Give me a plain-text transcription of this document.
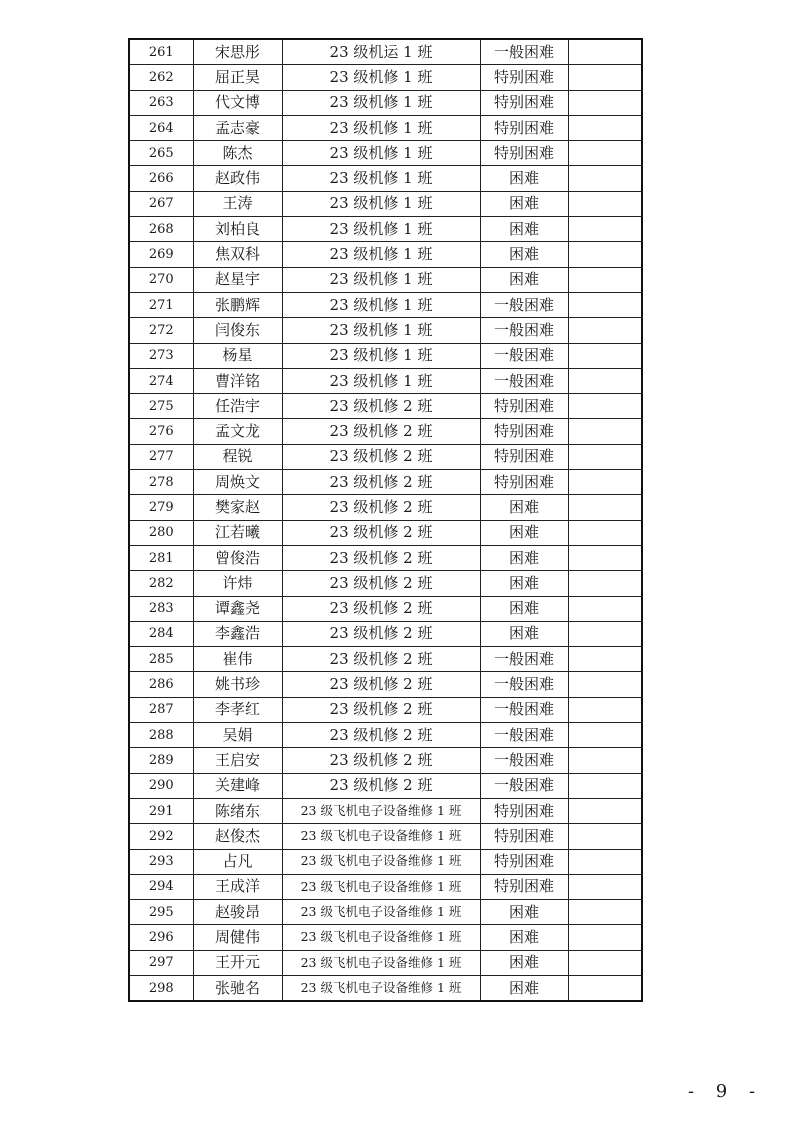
261	宋思彤	23 级机运 1 班	一般困难	
262	屈正昊	23 级机修 1 班	特别困难	
263	代文博	23 级机修 1 班	特别困难	
264	孟志豪	23 级机修 1 班	特别困难	
265	陈杰	23 级机修 1 班	特别困难	
266	赵政伟	23 级机修 1 班	困难	
267	王涛	23 级机修 1 班	困难	
268	刘柏良	23 级机修 1 班	困难	
269	焦双科	23 级机修 1 班	困难	
270	赵星宇	23 级机修 1 班	困难	
271	张鹏辉	23 级机修 1 班	一般困难	
272	闫俊东	23 级机修 1 班	一般困难	
273	杨星	23 级机修 1 班	一般困难	
274	曹洋铭	23 级机修 1 班	一般困难	
275	任浩宇	23 级机修 2 班	特别困难	
276	孟文龙	23 级机修 2 班	特别困难	
277	程锐	23 级机修 2 班	特别困难	
278	周焕文	23 级机修 2 班	特别困难	
279	樊家赵	23 级机修 2 班	困难	
280	江若曦	23 级机修 2 班	困难	
281	曾俊浩	23 级机修 2 班	困难	
282	许炜	23 级机修 2 班	困难	
283	谭鑫尧	23 级机修 2 班	困难	
284	李鑫浩	23 级机修 2 班	困难	
285	崔伟	23 级机修 2 班	一般困难	
286	姚书珍	23 级机修 2 班	一般困难	
287	李孝红	23 级机修 2 班	一般困难	
288	吴娟	23 级机修 2 班	一般困难	
289	王启安	23 级机修 2 班	一般困难	
290	关建峰	23 级机修 2 班	一般困难	
291	陈绪东	23 级飞机电子设备维修 1 班	特别困难	
292	赵俊杰	23 级飞机电子设备维修 1 班	特别困难	
293	占凡	23 级飞机电子设备维修 1 班	特别困难	
294	王成洋	23 级飞机电子设备维修 1 班	特别困难	
295	赵骏昂	23 级飞机电子设备维修 1 班	困难	
296	周健伟	23 级飞机电子设备维修 1 班	困难	
297	王开元	23 级飞机电子设备维修 1 班	困难	
298	张驰名	23 级飞机电子设备维修 1 班	困难	
- 9 -
